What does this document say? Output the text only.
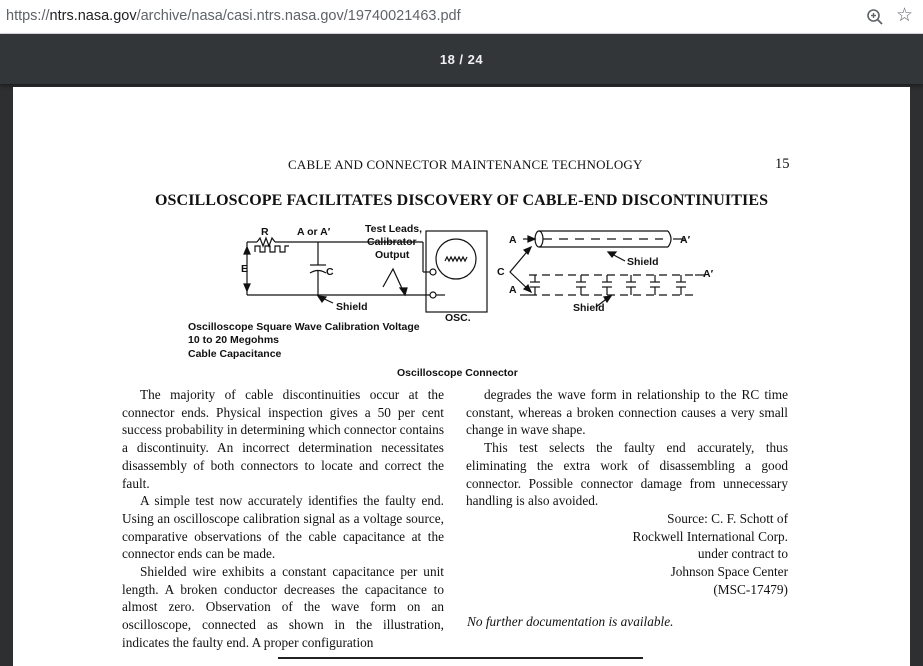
https://ntrs.nasa.gov/archive/nasa/casi.ntrs.nasa.gov/19740021463.pdf	☆
18 / 24
CABLE AND CONNECTOR MAINTENANCE TECHNOLOGY	15
OSCILLOSCOPE FACILITATES DISCOVERY OF CABLE-END DISCONTINUITIES
R	A or A′	Test Leads,
Calibrator
Output
E	C
Shield
OSC.
A	A′
C
Shield
A
A′
Shield
Oscilloscope Square Wave Calibration Voltage
10 to 20 Megohms
Cable Capacitance
Oscilloscope Connector

The majority of cable discontinuities occur at the connector ends. Physical inspection gives a 50 per cent success probability in determining which connector contains a discontinuity. An incorrect determination necessitates disassembly of both connectors to locate and correct the fault.

A simple test now accurately identifies the faulty end. Using an oscilloscope calibration signal as a voltage source, comparative observations of the cable capacitance at the connector ends can be made.

Shielded wire exhibits a constant capacitance per unit length. A broken conductor decreases the capacitance to almost zero. Observation of the wave form on an oscilloscope, connected as shown in the illustration, indicates the faulty end. A proper configuration

degrades the wave form in relationship to the RC time constant, whereas a broken connection causes a very small change in wave shape.

This test selects the faulty end accurately, thus eliminating the extra work of disassembling a good connector. Possible connector damage from unnecessary handling is also avoided.

Source: C. F. Schott of
Rockwell International Corp.
under contract to
Johnson Space Center
(MSC-17479)
No further documentation is available.
